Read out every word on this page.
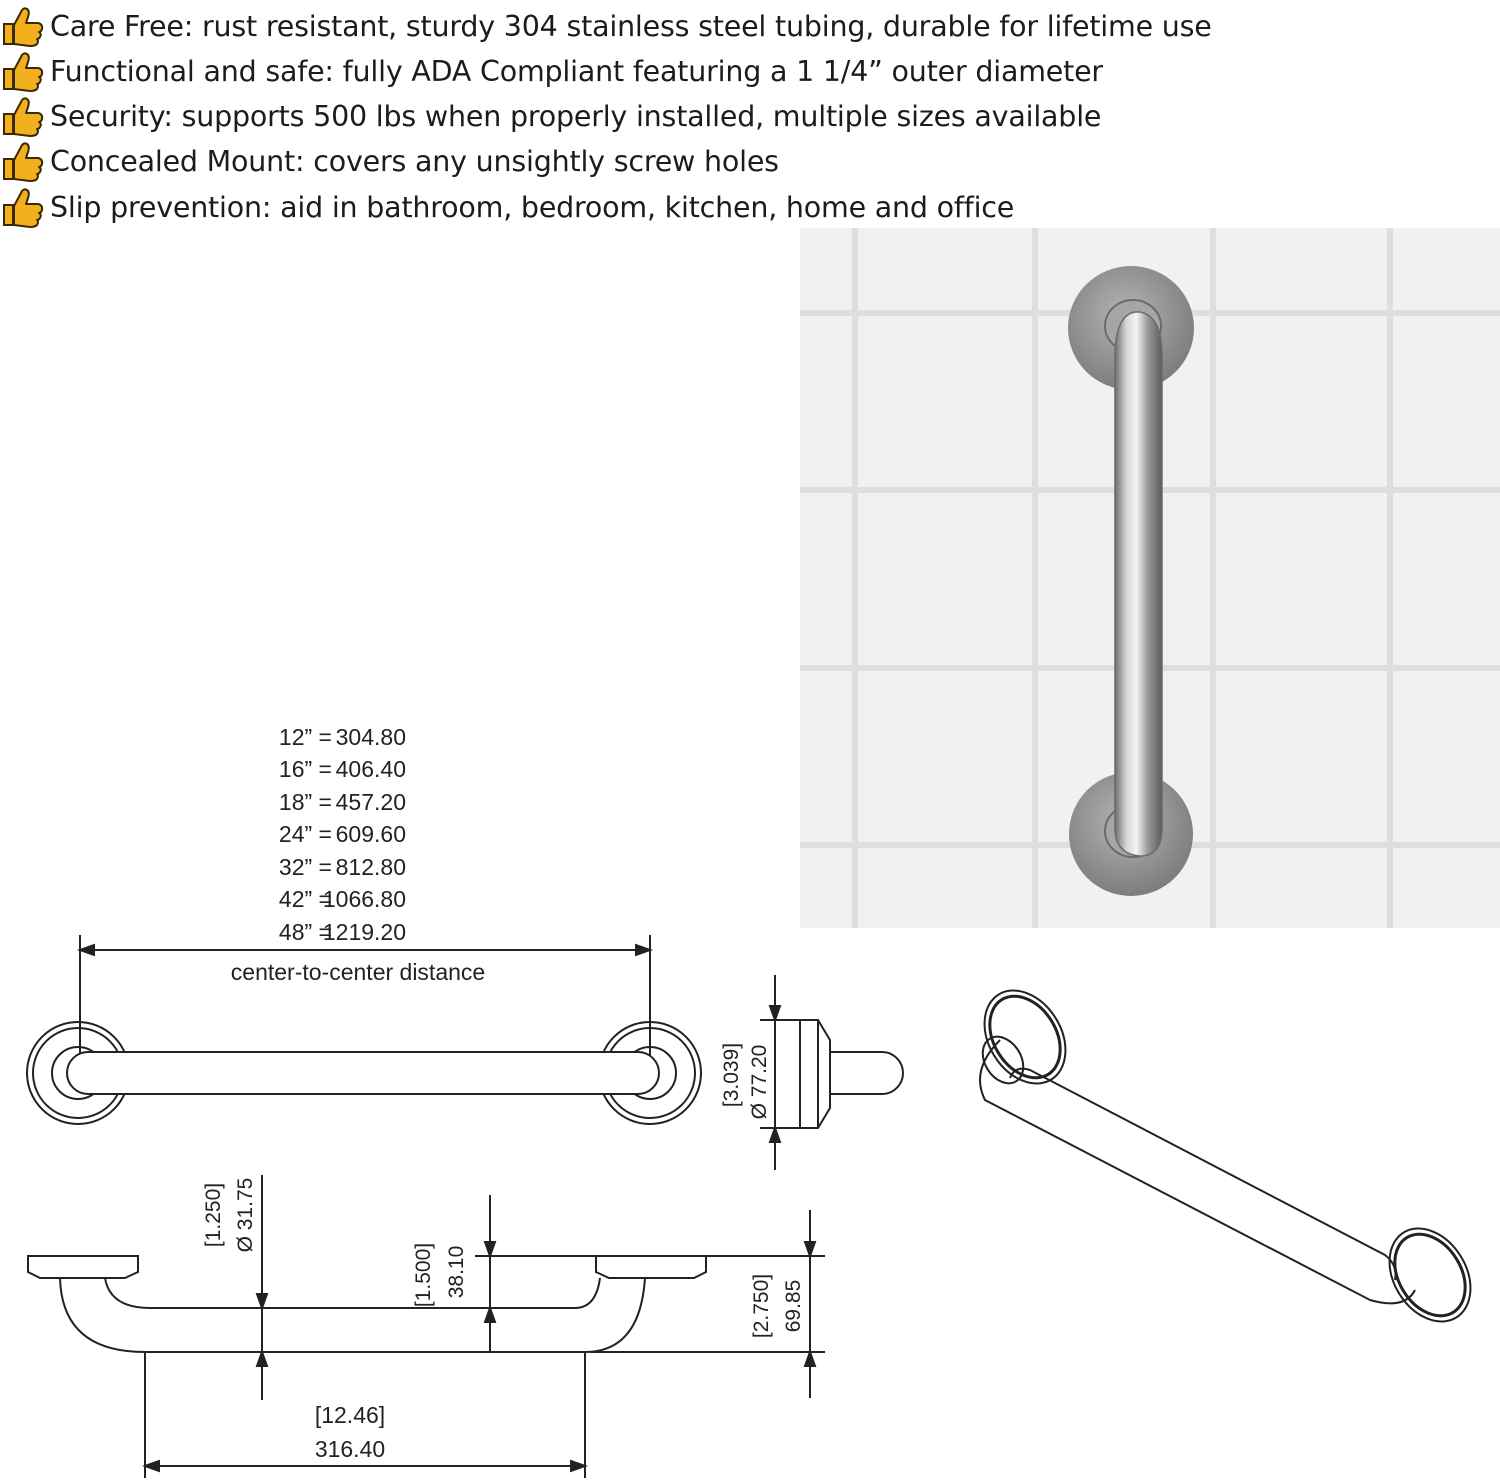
Care Free: rust resistant, sturdy 304 stainless steel tubing, durable for lifetime use
Functional and safe: fully ADA Compliant featuring a 1 1/4” outer diameter
Security: supports 500 lbs when properly installed, multiple sizes available
Concealed Mount: covers any unsightly screw holes
Slip prevention: aid in bathroom, bedroom, kitchen, home and office
12” = 304.80
16” = 406.40
18” = 457.20
24” = 609.60
32” = 812.80
42” =
1066.80
48” =
1219.20
center-to-center distance
[3.039] Ø 77.20
[1.250] Ø 31.75
[1.500] 38.10
[2.750] 69.85
[12.46]
316.40
